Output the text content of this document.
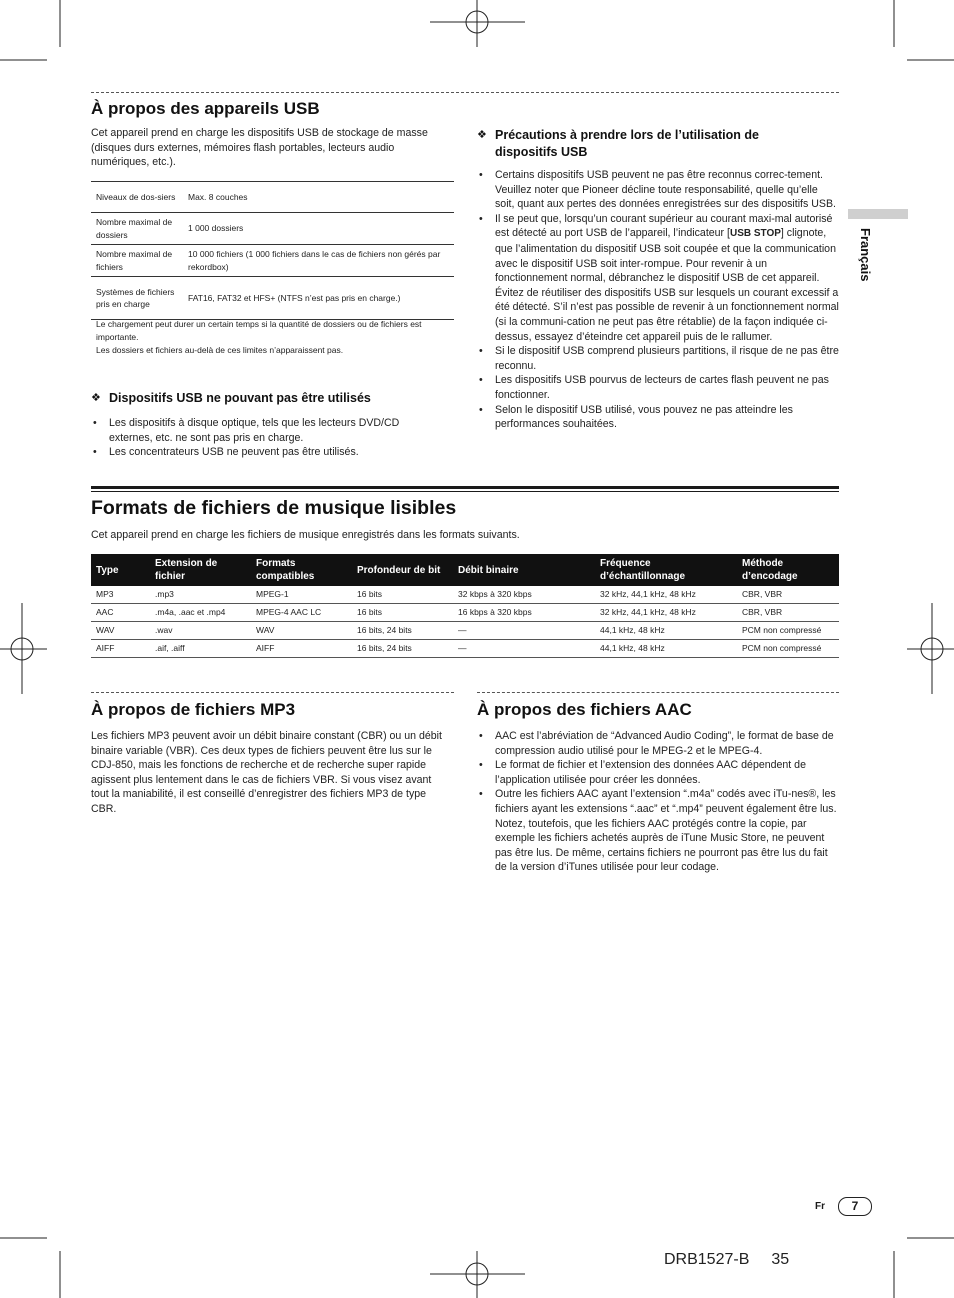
Français
À propos des appareils USB

Cet appareil prend en charge les dispositifs USB de stockage de masse (disques durs externes, mémoires flash portables, lecteurs audio numériques, etc.).

Niveaux de dos-siers	Max. 8 couches
Nombre maximal de dossiers	1 000 dossiers
Nombre maximal de fichiers	10 000 fichiers (1 000 fichiers dans le cas de fichiers non gérés par rekordbox)
Systèmes de fichiers pris en charge	FAT16, FAT32 et HFS+ (NTFS n’est pas pris en charge.)
Le chargement peut durer un certain temps si la quantité de dossiers ou de fichiers est importante.
Les dossiers et fichiers au-delà de ces limites n’apparaissent pas.
❖ Dispositifs USB ne pouvant pas être utilisés
• Les dispositifs à disque optique, tels que les lecteurs DVD/CD externes, etc. ne sont pas pris en charge.
• Les concentrateurs USB ne peuvent pas être utilisés.
❖ Précautions à prendre lors de l’utilisation de dispositifs USB
• Certains dispositifs USB peuvent ne pas être reconnus correc-tement. Veuillez noter que Pioneer décline toute responsabilité, quelle qu’elle soit, quant aux pertes des données enregistrées sur des dispositifs USB.
• Il se peut que, lorsqu’un courant supérieur au courant maxi-mal autorisé est détecté au port USB de l’appareil, l’indicateur [USB STOP] clignote, que l’alimentation du dispositif USB soit coupée et que la communication avec le dispositif USB soit inter-rompue. Pour revenir à un fonctionnement normal, débranchez le dispositif USB de cet appareil. Évitez de réutiliser des dispositifs USB sur lesquels un courant excessif a été détecté. S’il n’est pas possible de revenir à un fonctionnement normal (si la communi-cation ne peut pas être rétablie) de la façon indiquée ci-dessus, essayez d’éteindre cet appareil puis de le rallumer.
• Si le dispositif USB comprend plusieurs partitions, il risque de ne pas être reconnu.
• Les dispositifs USB pourvus de lecteurs de cartes flash peuvent ne pas fonctionner.
• Selon le dispositif USB utilisé, vous pouvez ne pas atteindre les performances souhaitées.
Formats de fichiers de musique lisibles

Cet appareil prend en charge les fichiers de musique enregistrés dans les formats suivants.

Type	Extension de fichier	Formats compatibles	Profondeur de bit	Débit binaire	Fréquence d’échantillonnage	Méthode d’encodage
MP3	.mp3	MPEG-1	16 bits	32 kbps à 320 kbps	32 kHz, 44,1 kHz, 48 kHz	CBR, VBR
AAC	.m4a, .aac et .mp4	MPEG-4 AAC LC	16 bits	16 kbps à 320 kbps	32 kHz, 44,1 kHz, 48 kHz	CBR, VBR
WAV	.wav	WAV	16 bits, 24 bits	—	44,1 kHz, 48 kHz	PCM non compressé
AIFF	.aif, .aiff	AIFF	16 bits, 24 bits	—	44,1 kHz, 48 kHz	PCM non compressé
À propos de fichiers MP3

Les fichiers MP3 peuvent avoir un débit binaire constant (CBR) ou un débit binaire variable (VBR). Ces deux types de fichiers peuvent être lus sur le CDJ-850, mais les fonctions de recherche et de recherche super rapide agissent plus lentement dans le cas de fichiers VBR. Si vous visez avant tout la maniabilité, il est conseillé d’enregistrer des fichiers MP3 de type CBR.

À propos des fichiers AAC
• AAC est l’abréviation de “Advanced Audio Coding”, le format de base de compression audio utilisé pour le MPEG-2 et le MPEG-4.
• Le format de fichier et l’extension des données AAC dépendent de l’application utilisée pour créer les données.
• Outre les fichiers AAC ayant l’extension “.m4a” codés avec iTu-nes®, les fichiers ayant les extensions “.aac” et “.mp4” peuvent également être lus. Notez, toutefois, que les fichiers AAC protégés contre la copie, par exemple les fichiers achetés auprès de iTune Music Store, ne peuvent pas être lus. De même, certains fichiers ne pourront pas être lus du fait de la version d’iTunes utilisée pour leur codage.
Fr	7
DRB1527-B 35
